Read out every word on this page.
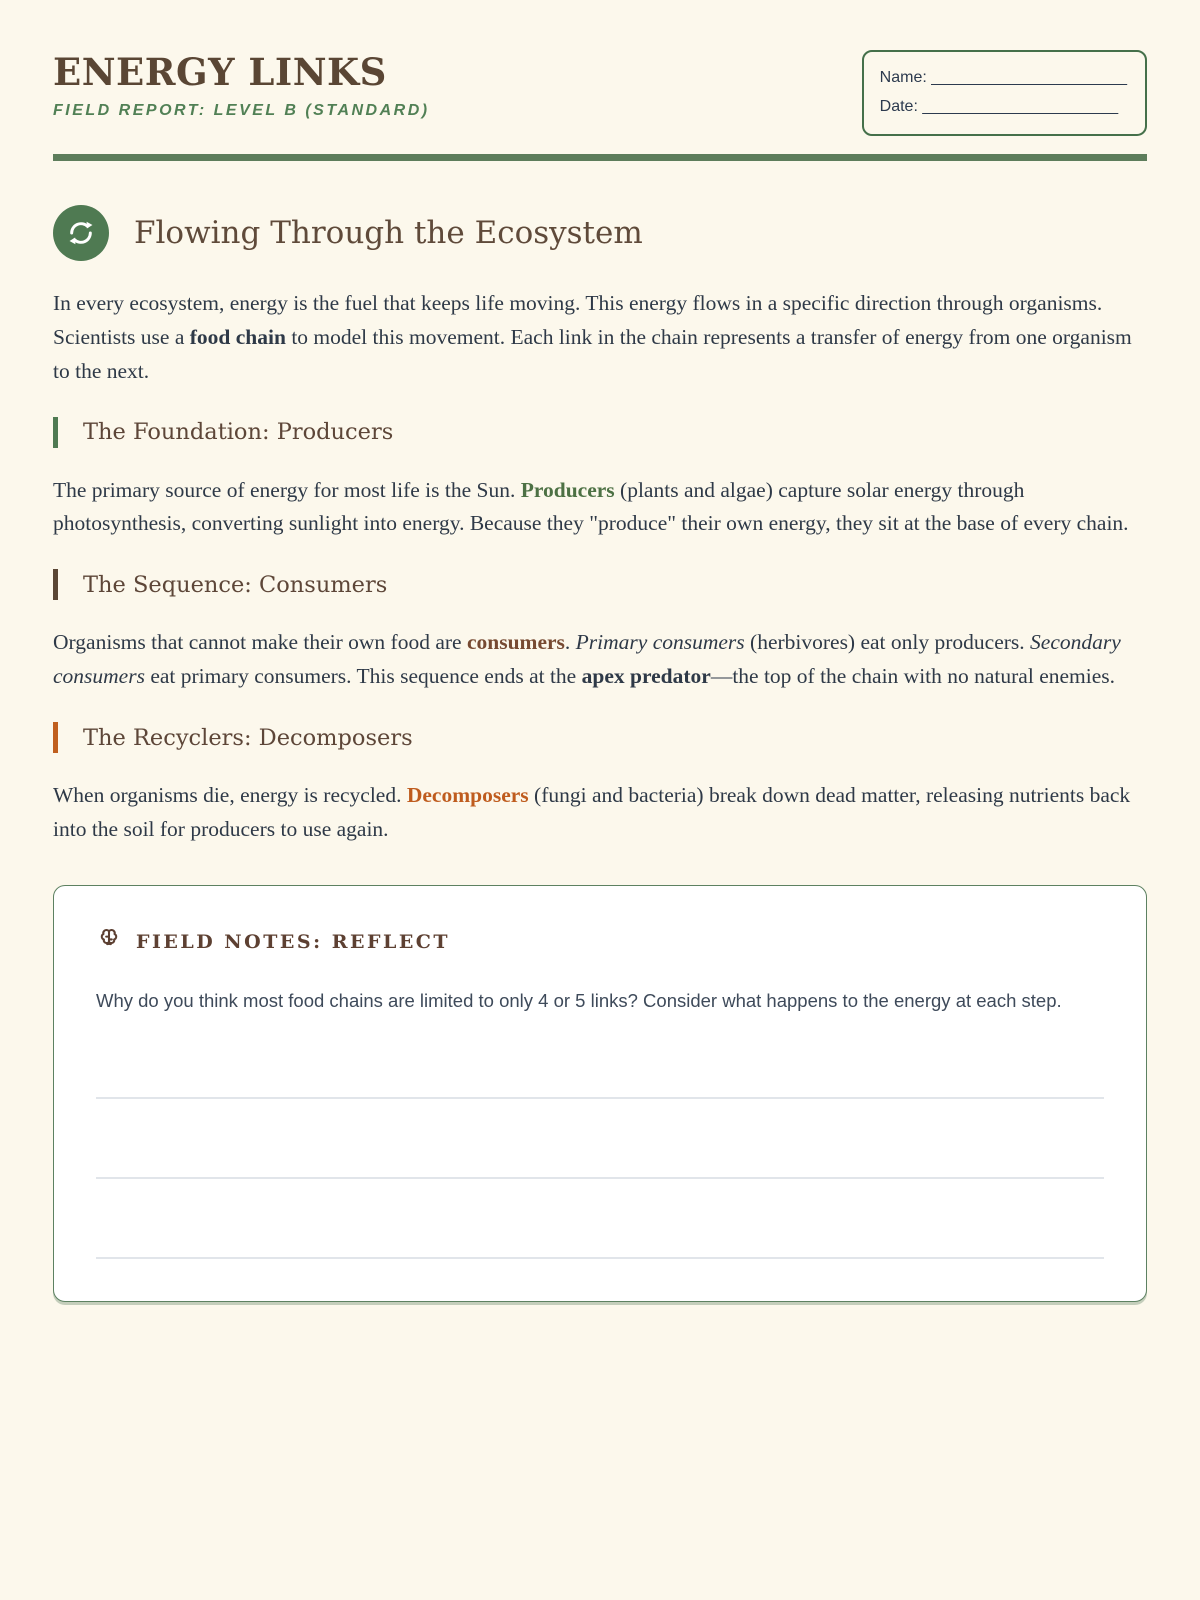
ENERGY LINKS
FIELD REPORT: LEVEL B (STANDARD)
Name: ______________________
Date: ______________________
Flowing Through the Ecosystem

In every ecosystem, energy is the fuel that keeps life moving. This energy flows in a specific direction through organisms. Scientists use a food chain to model this movement. Each link in the chain represents a transfer of energy from one organism to the next.

The Foundation: Producers

The primary source of energy for most life is the Sun. Producers (plants and algae) capture solar energy through photosynthesis, converting sunlight into energy. Because they "produce" their own energy, they sit at the base of every chain.

The Sequence: Consumers

Organisms that cannot make their own food are consumers. Primary consumers (herbivores) eat only producers. Secondary consumers eat primary consumers. This sequence ends at the apex predator—the top of the chain with no natural enemies.

The Recyclers: Decomposers

When organisms die, energy is recycled. Decomposers (fungi and bacteria) break down dead matter, releasing nutrients back into the soil for producers to use again.

FIELD NOTES: REFLECT

Why do you think most food chains are limited to only 4 or 5 links? Consider what happens to the energy at each step.
